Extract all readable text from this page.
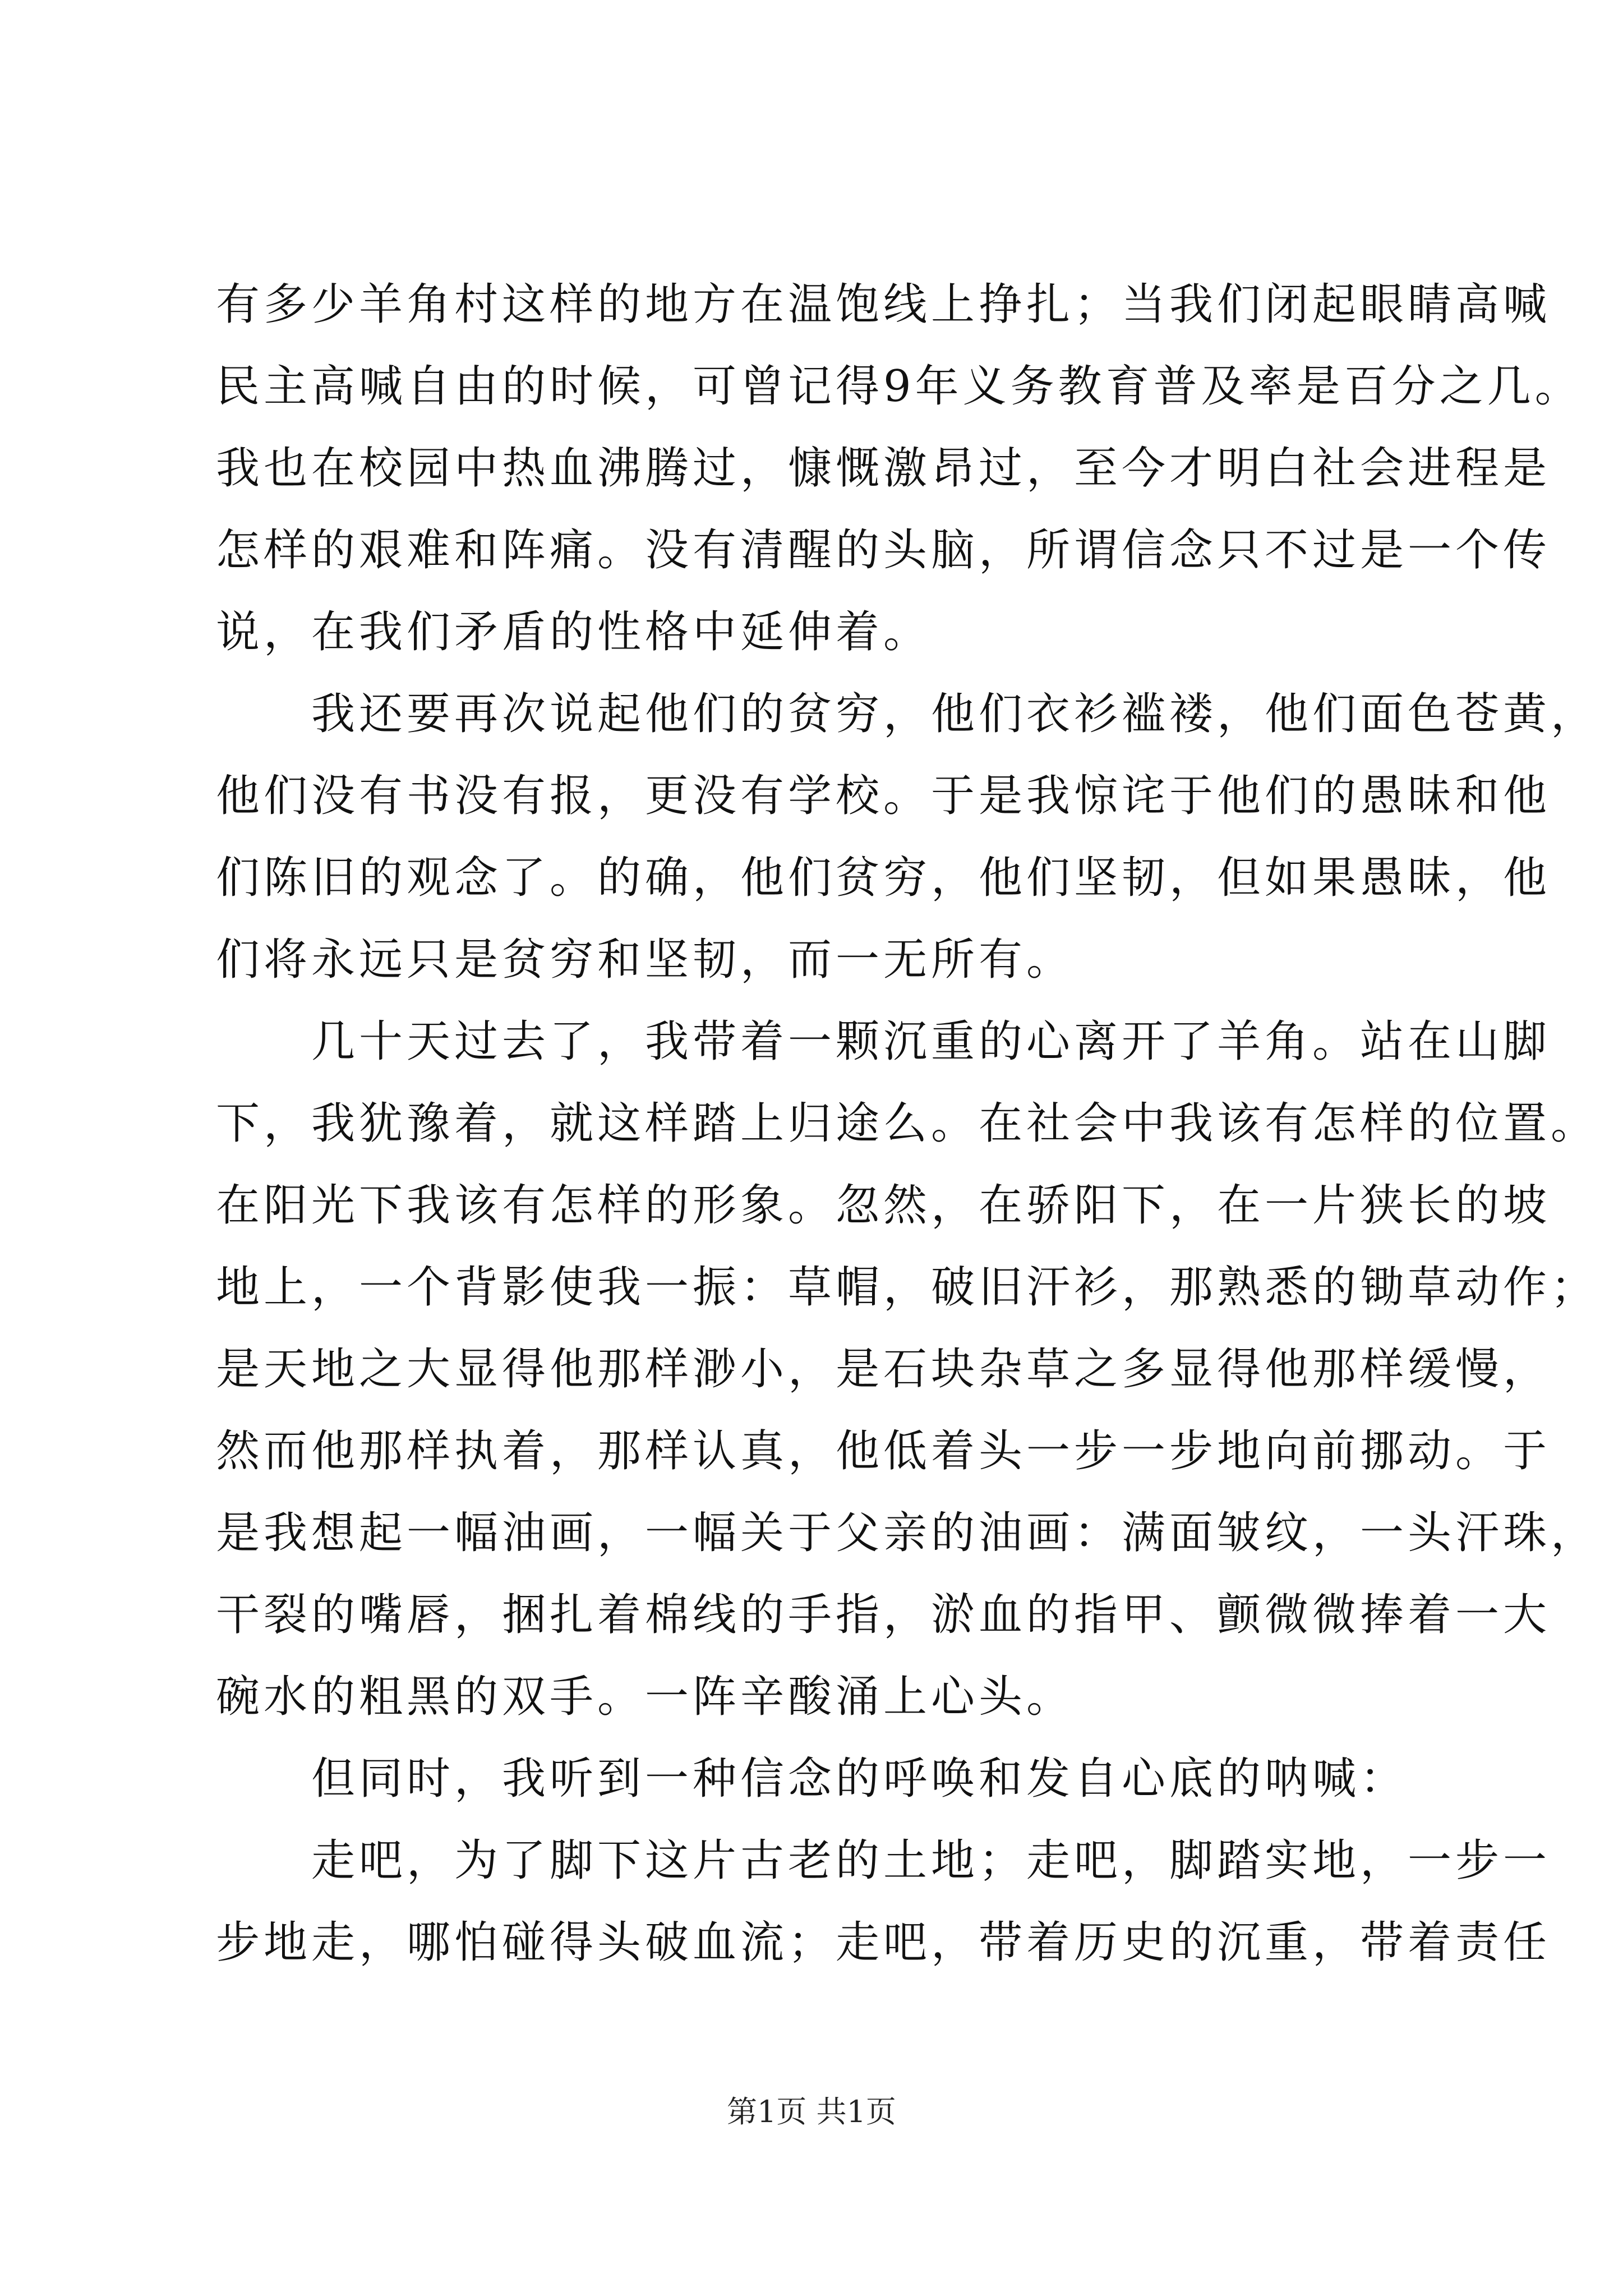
有多少羊角村这样的地方在温饱线上挣扎；当我们闭起眼睛高喊
民主高喊自由的时候，可曾记得9年义务教育普及率是百分之几。
我也在校园中热血沸腾过，慷慨激昂过，至今才明白社会进程是
怎样的艰难和阵痛。没有清醒的头脑，所谓信念只不过是一个传
说，在我们矛盾的性格中延伸着。
　　我还要再次说起他们的贫穷，他们衣衫褴褛，他们面色苍黄，
他们没有书没有报，更没有学校。于是我惊诧于他们的愚昧和他
们陈旧的观念了。的确，他们贫穷，他们坚韧，但如果愚昧，他
们将永远只是贫穷和坚韧，而一无所有。
　　几十天过去了，我带着一颗沉重的心离开了羊角。站在山脚
下，我犹豫着，就这样踏上归途么。在社会中我该有怎样的位置。
在阳光下我该有怎样的形象。忽然，在骄阳下，在一片狭长的坡
地上，一个背影使我一振：草帽，破旧汗衫，那熟悉的锄草动作；
是天地之大显得他那样渺小，是石块杂草之多显得他那样缓慢，
然而他那样执着，那样认真，他低着头一步一步地向前挪动。于
是我想起一幅油画，一幅关于父亲的油画：满面皱纹，一头汗珠，
干裂的嘴唇，捆扎着棉线的手指，淤血的指甲、颤微微捧着一大
碗水的粗黑的双手。一阵辛酸涌上心头。
　　但同时，我听到一种信念的呼唤和发自心底的呐喊：
　　走吧，为了脚下这片古老的土地；走吧，脚踏实地，一步一
步地走，哪怕碰得头破血流；走吧，带着历史的沉重，带着责任
第1页 共1页
